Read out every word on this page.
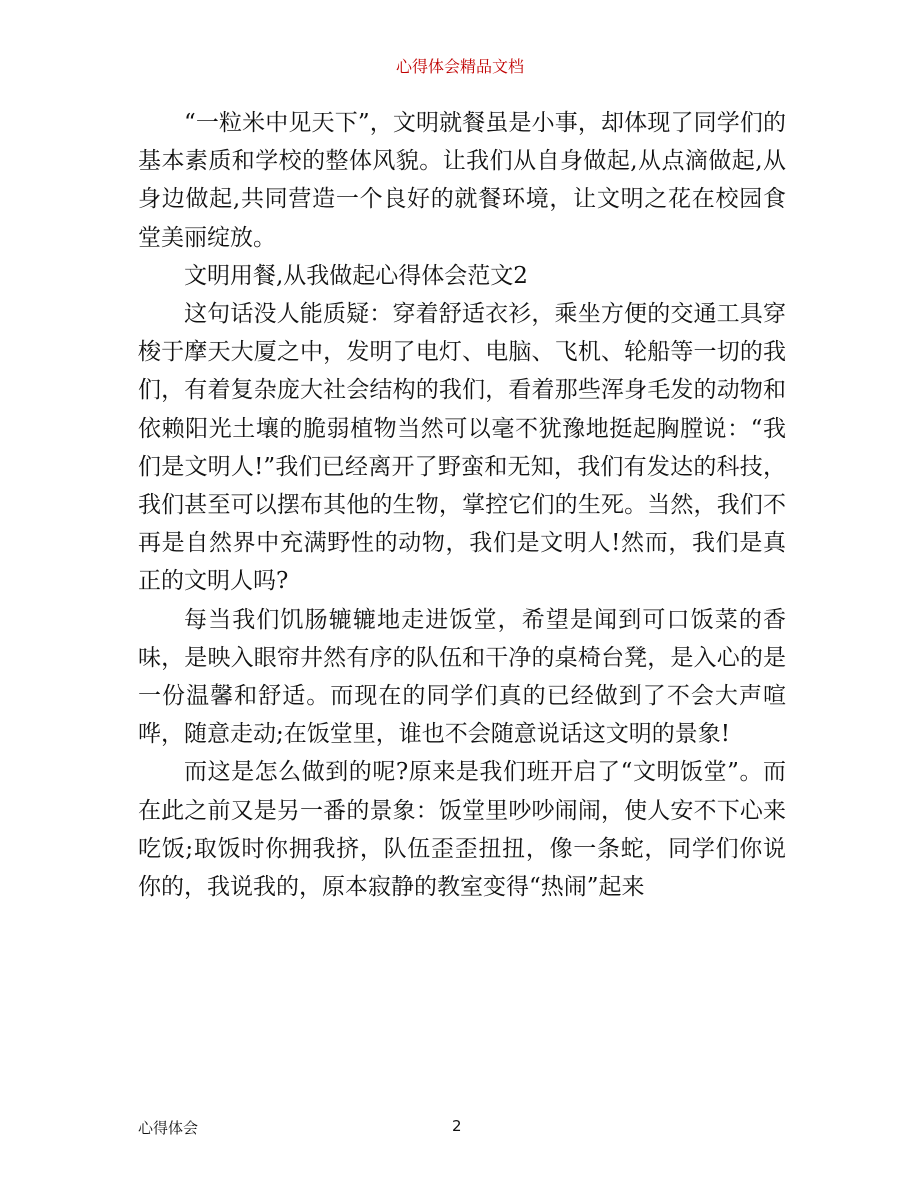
心得体会精品文档

“一粒米中见天下”，文明就餐虽是小事，却体现了同学们的基本素质和学校的整体风貌。让我们从自身做起,从点滴做起,从身边做起,共同营造一个良好的就餐环境，让文明之花在校园食堂美丽绽放。

文明用餐,从我做起心得体会范文2

这句话没人能质疑：穿着舒适衣衫，乘坐方便的交通工具穿梭于摩天大厦之中，发明了电灯、电脑、飞机、轮船等一切的我们，有着复杂庞大社会结构的我们，看着那些浑身毛发的动物和依赖阳光土壤的脆弱植物当然可以毫不犹豫地挺起胸膛说：“我们是文明人!”我们已经离开了野蛮和无知，我们有发达的科技，我们甚至可以摆布其他的生物，掌控它们的生死。当然，我们不再是自然界中充满野性的动物，我们是文明人!然而，我们是真正的文明人吗?

每当我们饥肠辘辘地走进饭堂，希望是闻到可口饭菜的香味，是映入眼帘井然有序的队伍和干净的桌椅台凳，是入心的是一份温馨和舒适。而现在的同学们真的已经做到了不会大声喧哗，随意走动;在饭堂里，谁也不会随意说话这文明的景象!

而这是怎么做到的呢?原来是我们班开启了“文明饭堂”。而在此之前又是另一番的景象：饭堂里吵吵闹闹，使人安不下心来吃饭;取饭时你拥我挤，队伍歪歪扭扭，像一条蛇，同学们你说你的，我说我的，原本寂静的教室变得“热闹”起来

心得体会	2
